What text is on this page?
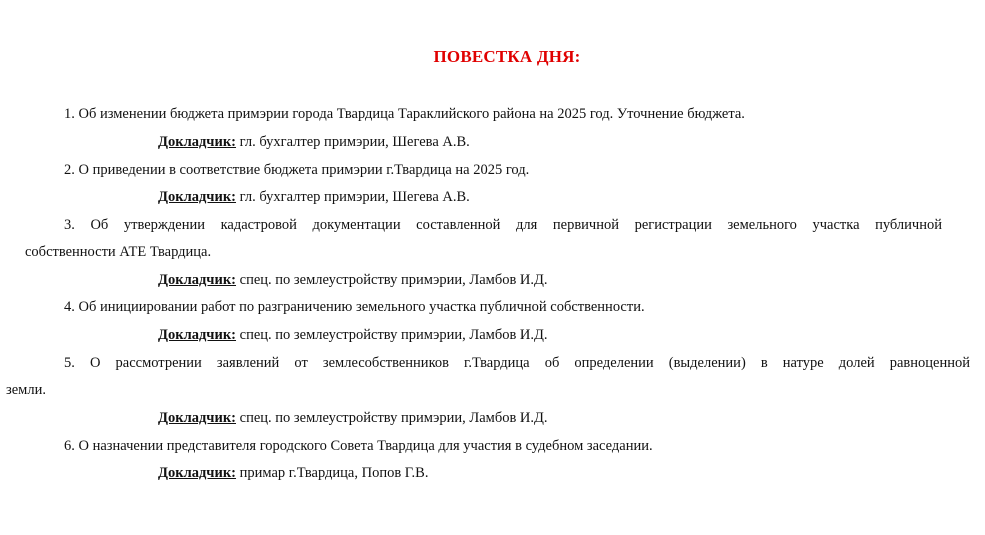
ПОВЕСТКА ДНЯ:
1. Об изменении бюджета примэрии города Твардица Тараклийского района на 2025 год. Уточнение бюджета.
Докладчик: гл. бухгалтер примэрии, Шегева А.В.
2. О приведении в соответствие бюджета примэрии г.Твардица на 2025 год.
Докладчик: гл. бухгалтер примэрии, Шегева А.В.
3. Об утверждении кадастровой документации составленной для первичной регистрации земельного участка публичной
собственности АТЕ Твардица.
Докладчик: спец. по землеустройству примэрии, Ламбов И.Д.
4. Об инициировании работ по разграничению земельного участка публичной собственности.
Докладчик: спец. по землеустройству примэрии, Ламбов И.Д.
5. О рассмотрении заявлений от землесобственников г.Твардица об определении (выделении) в натуре долей равноценной
земли.
Докладчик: спец. по землеустройству примэрии, Ламбов И.Д.
6. О назначении представителя городского Совета Твардица для участия в судебном заседании.
Докладчик: примар г.Твардица, Попов Г.В.
